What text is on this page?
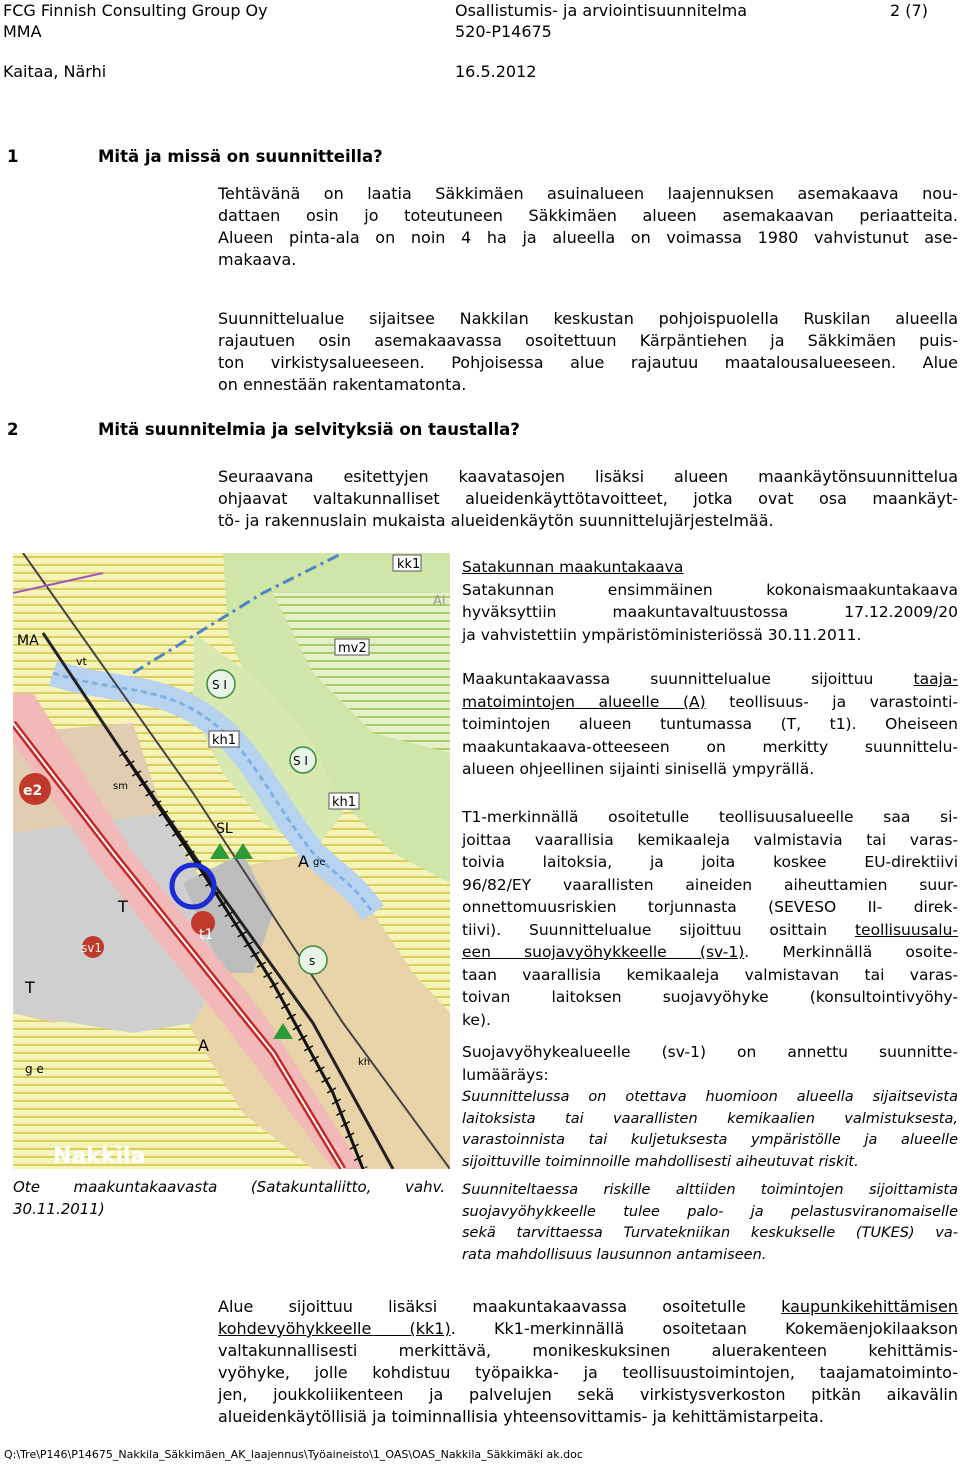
FCG Finnish Consulting Group Oy	Osallistumis- ja arviointisuunnitelma	2 (7)
MMA	520-P14675
Kaitaa, Närhi	16.5.2012
1	Mitä ja missä on suunnitteilla?
Tehtävänä on laatia Säkkimäen asuinalueen laajennuksen asemakaava nou-
dattaen osin jo toteutuneen Säkkimäen alueen asemakaavan periaatteita.
Alueen pinta-ala on noin 4 ha ja alueella on voimassa 1980 vahvistunut ase-
makaava.
Suunnittelualue sijaitsee Nakkilan keskustan pohjoispuolella Ruskilan alueella
rajautuen osin asemakaavassa osoitettuun Kärpäntiehen ja Säkkimäen puis-
ton virkistysalueeseen. Pohjoisessa alue rajautuu maatalousalueeseen. Alue
on ennestään rakentamatonta.
2	Mitä suunnitelmia ja selvityksiä on taustalla?
Seuraavana esitettyjen kaavatasojen lisäksi alueen maankäytönsuunnittelua
ohjaavat valtakunnalliset alueidenkäyttötavoitteet, jotka ovat osa maankäyt-
tö- ja rakennuslain mukaista alueidenkäytön suunnittelujärjestelmää.
kk1
MA
vt
mv2
Al
S I
kh1
e2
S I
sm
kh1
SL
T
t1
sv1
T
s
A
A
g e
Nakkila
kh
ge
Ote maakuntakaavasta (Satakuntaliitto, vahv.
30.11.2011)
Satakunnan maakuntakaava
Satakunnan ensimmäinen kokonaismaakuntakaava
hyväksyttiin maakuntavaltuustossa 17.12.2009/20
ja vahvistettiin ympäristöministeriössä 30.11.2011.
Maakuntakaavassa suunnittelualue sijoittuu taaja-
matoimintojen alueelle (A) teollisuus- ja varastointi-
toimintojen alueen tuntumassa (T, t1). Oheiseen
maakuntakaava-otteeseen on merkitty suunnittelu-
alueen ohjeellinen sijainti sinisellä ympyrällä.
T1-merkinnällä osoitetulle teollisuusalueelle saa si-
joittaa vaarallisia kemikaaleja valmistavia tai varas-
toivia laitoksia, ja joita koskee EU-direktiivi
96/82/EY vaarallisten aineiden aiheuttamien suur-
onnettomuusriskien torjunnasta (SEVESO II- direk-
tiivi). Suunnittelualue sijoittuu osittain teollisuusalu-
een suojavyöhykkeelle (sv-1). Merkinnällä osoite-
taan vaarallisia kemikaaleja valmistavan tai varas-
toivan laitoksen suojavyöhyke (konsultointivyöhy-
ke).
Suojavyöhykealueelle (sv-1) on annettu suunnitte-
lumääräys:
Suunnittelussa on otettava huomioon alueella sijaitsevista
laitoksista tai vaarallisten kemikaalien valmistuksesta,
varastoinnista tai kuljetuksesta ympäristölle ja alueelle
sijoittuville toiminnoille mahdollisesti aiheutuvat riskit.
Suunniteltaessa riskille alttiiden toimintojen sijoittamista
suojavyöhykkeelle tulee palo- ja pelastusviranomaiselle
sekä tarvittaessa Turvatekniikan keskukselle (TUKES) va-
rata mahdollisuus lausunnon antamiseen.
Alue sijoittuu lisäksi maakuntakaavassa osoitetulle kaupunkikehittämisen
kohdevyöhykkeelle (kk1). Kk1-merkinnällä osoitetaan Kokemäenjokilaakson
valtakunnallisesti merkittävä, monikeskuksinen aluerakenteen kehittämis-
vyöhyke, jolle kohdistuu työpaikka- ja teollisuustoimintojen, taajamatoiminto-
jen, joukkoliikenteen ja palvelujen sekä virkistysverkoston pitkän aikavälin
alueidenkäytöllisiä ja toiminnallisia yhteensovittamis- ja kehittämistarpeita.
Q:\Tre\P146\P14675_Nakkila_Säkkimäen_AK_laajennus\Työaineisto\1_OAS\OAS_Nakkila_Säkkimäki ak.doc
